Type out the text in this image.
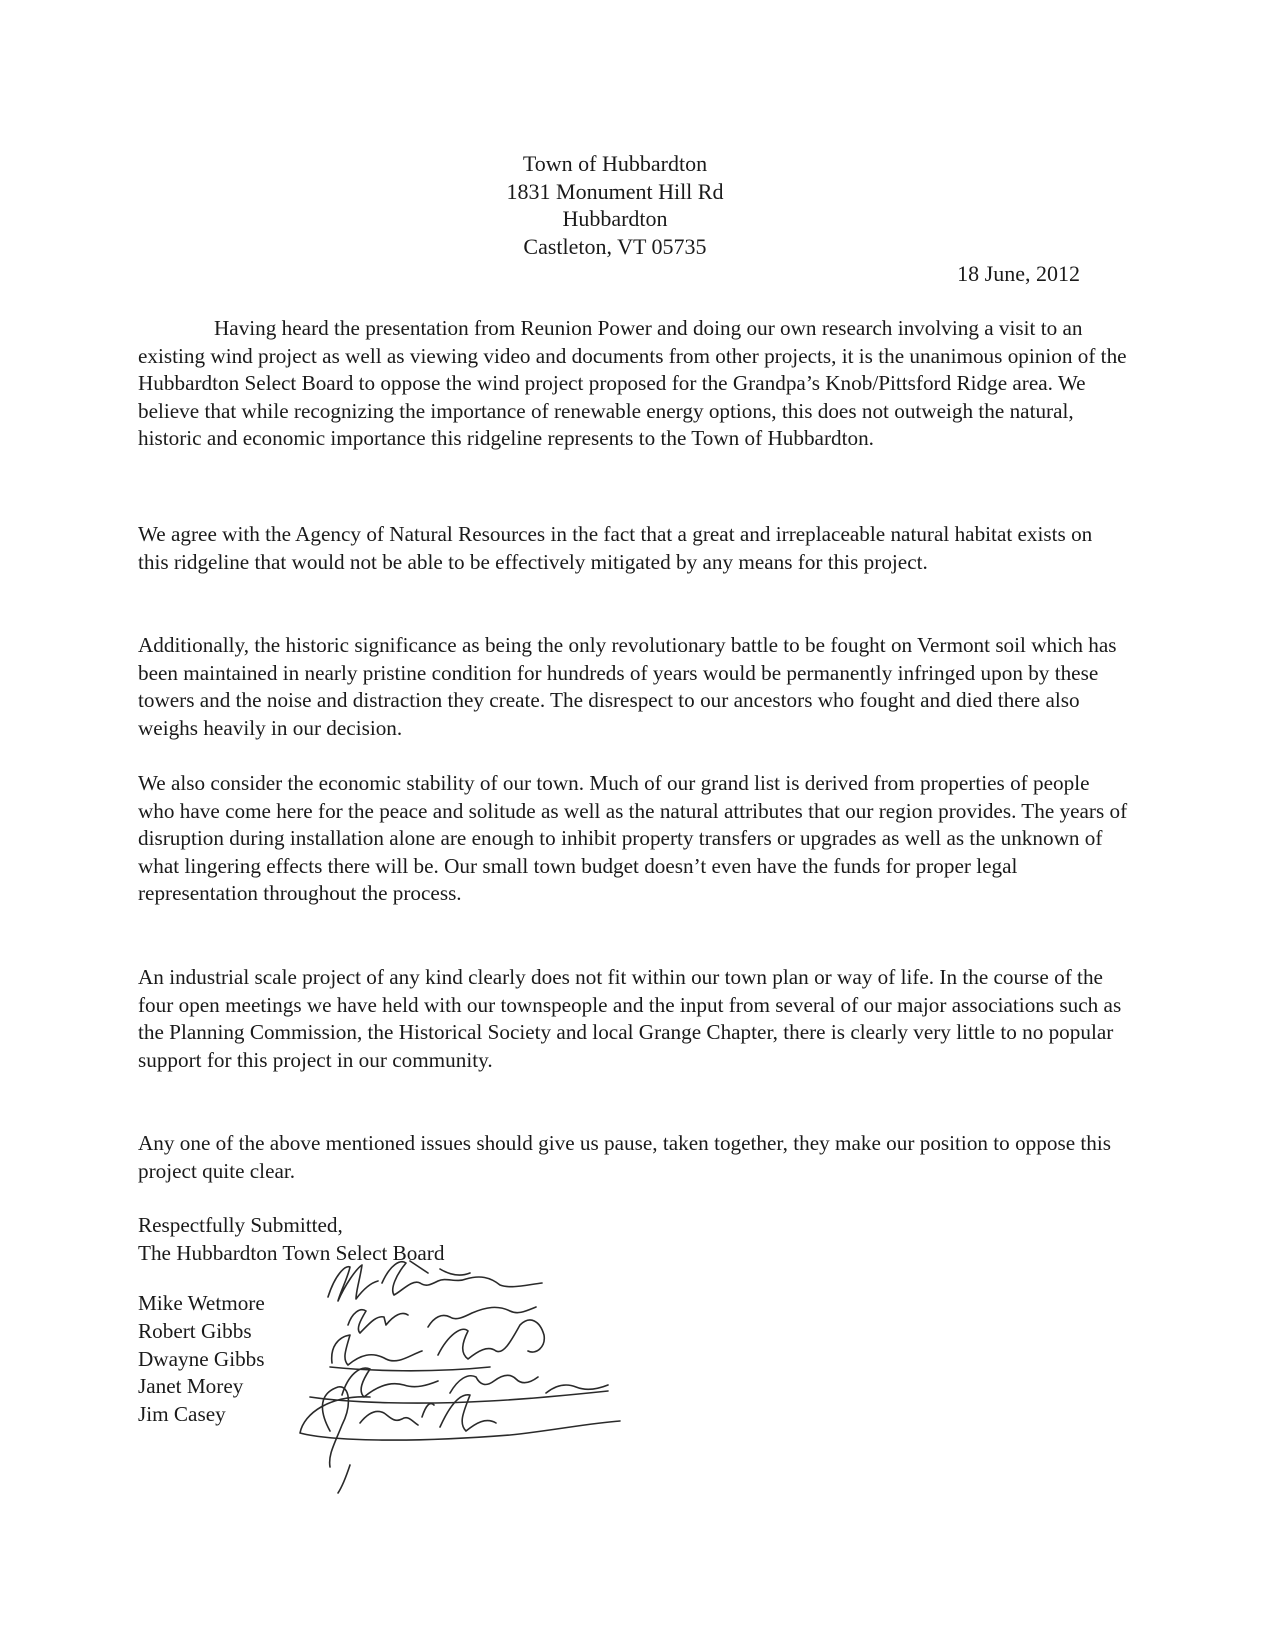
Town of Hubbardton
1831 Monument Hill Rd
Hubbardton
Castleton, VT 05735
18 June, 2012

Having heard the presentation from Reunion Power and doing our own research involving a visit to an existing wind project as well as viewing video and documents from other projects, it is the unanimous opinion of the Hubbardton Select Board to oppose the wind project proposed for the Grandpa’s Knob/Pittsford Ridge area. We believe that while recognizing the importance of renewable energy options, this does not outweigh the natural, historic and economic importance this ridgeline represents to the Town of Hubbardton.

We agree with the Agency of Natural Resources in the fact that a great and irreplaceable natural habitat exists on this ridgeline that would not be able to be effectively mitigated by any means for this project.

Additionally, the historic significance as being the only revolutionary battle to be fought on Vermont soil which has been maintained in nearly pristine condition for hundreds of years would be permanently infringed upon by these towers and the noise and distraction they create. The disrespect to our ancestors who fought and died there also weighs heavily in our decision.

We also consider the economic stability of our town. Much of our grand list is derived from properties of people who have come here for the peace and solitude as well as the natural attributes that our region provides. The years of disruption during installation alone are enough to inhibit property transfers or upgrades as well as the unknown of what lingering effects there will be. Our small town budget doesn’t even have the funds for proper legal representation throughout the process.

An industrial scale project of any kind clearly does not fit within our town plan or way of life. In the course of the four open meetings we have held with our townspeople and the input from several of our major associations such as the Planning Commission, the Historical Society and local Grange Chapter, there is clearly very little to no popular support for this project in our community.

Any one of the above mentioned issues should give us pause, taken together, they make our position to oppose this project quite clear.

Respectfully Submitted,
The Hubbardton Town Select Board
Mike Wetmore
Robert Gibbs
Dwayne Gibbs
Janet Morey
Jim Casey
